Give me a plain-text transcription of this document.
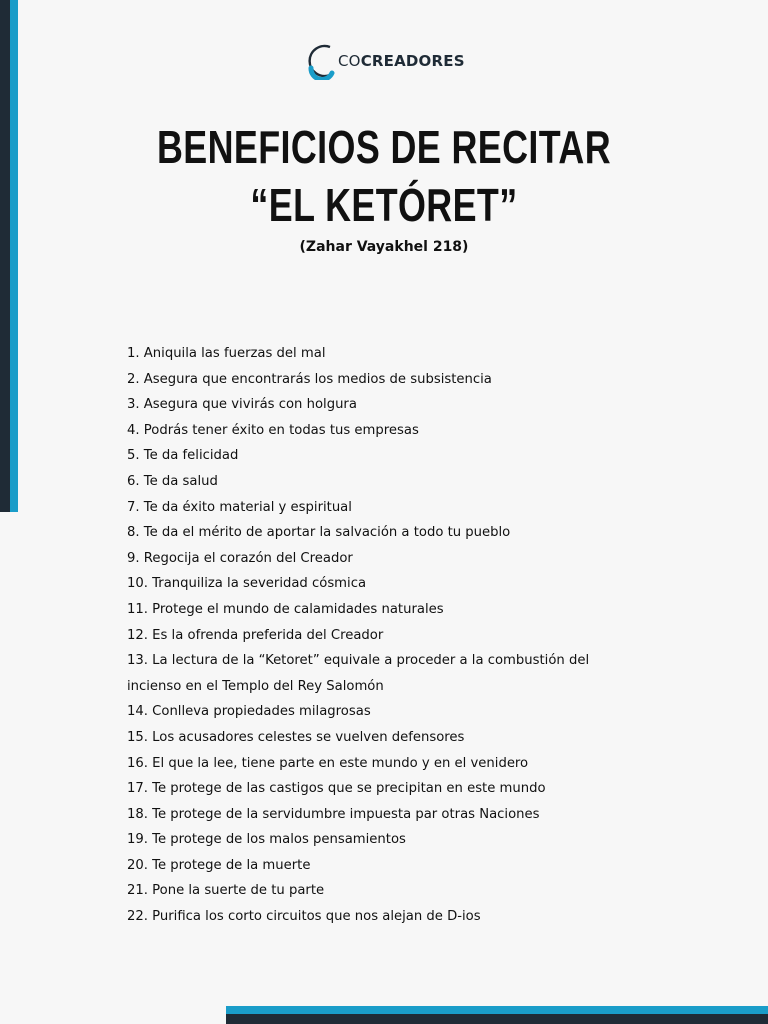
COCREADORES
BENEFICIOS DE RECITAR
“EL KETÓRET”
(Zahar Vayakhel 218)
1. Aniquila las fuerzas del mal
2. Asegura que encontrarás los medios de subsistencia
3. Asegura que vivirás con holgura
4. Podrás tener éxito en todas tus empresas
5. Te da felicidad
6. Te da salud
7. Te da éxito material y espiritual
8. Te da el mérito de aportar la salvación a todo tu pueblo
9. Regocija el corazón del Creador
10. Tranquiliza la severidad cósmica
11. Protege el mundo de calamidades naturales
12. Es la ofrenda preferida del Creador
13. La lectura de la “Ketoret” equivale a proceder a la combustión del
incienso en el Templo del Rey Salomón
14. Conlleva propiedades milagrosas
15. Los acusadores celestes se vuelven defensores
16. El que la lee, tiene parte en este mundo y en el venidero
17. Te protege de las castigos que se precipitan en este mundo
18. Te protege de la servidumbre impuesta par otras Naciones
19. Te protege de los malos pensamientos
20. Te protege de la muerte
21. Pone la suerte de tu parte
22. Purifica los corto circuitos que nos alejan de D-ios
